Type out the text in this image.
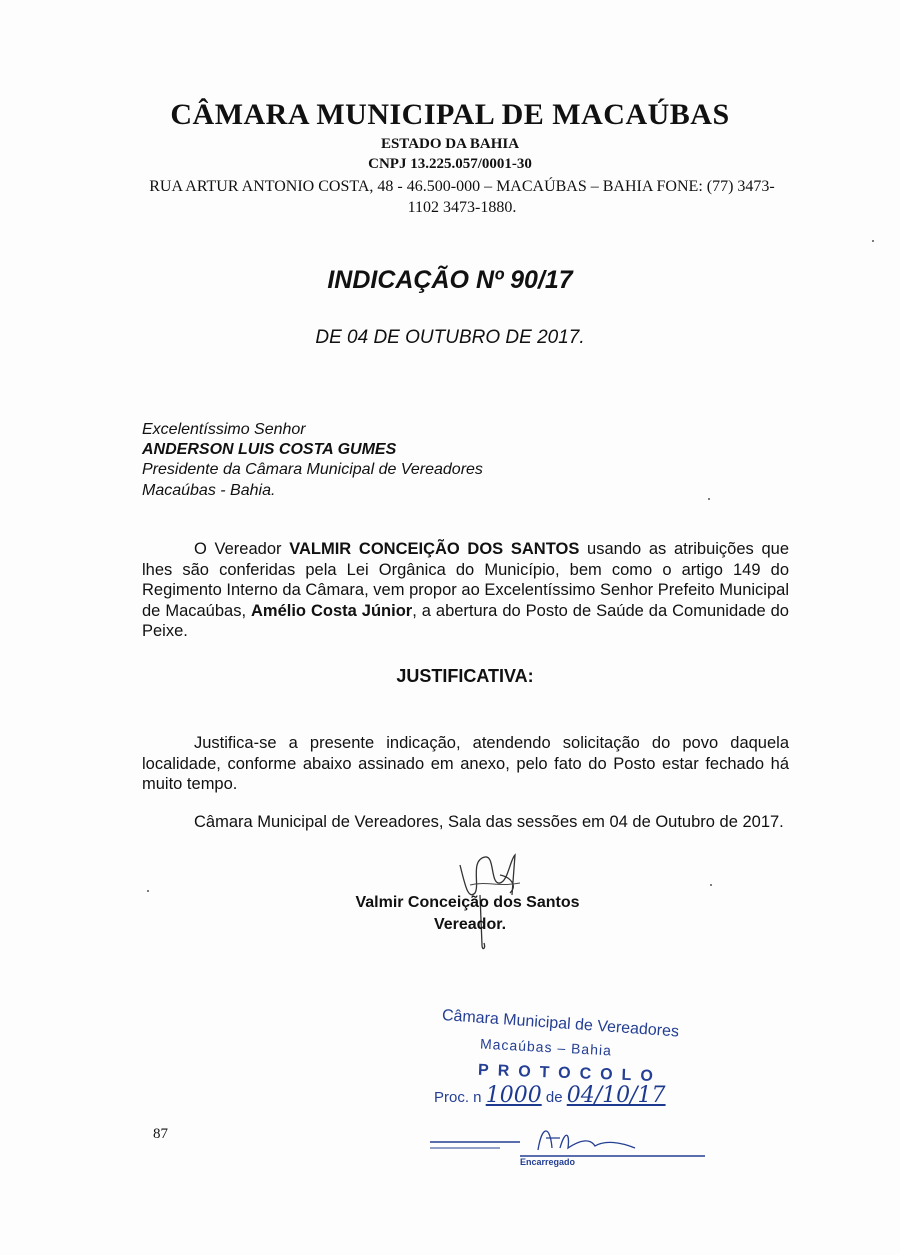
CÂMARA MUNICIPAL DE MACAÚBAS
ESTADO DA BAHIA
CNPJ 13.225.057/0001-30
RUA ARTUR ANTONIO COSTA, 48 - 46.500-000 – MACAÚBAS – BAHIA FONE: (77) 3473-1102 3473-1880.
INDICAÇÃO Nº 90/17
DE 04 DE OUTUBRO DE 2017.
Excelentíssimo Senhor
ANDERSON LUIS COSTA GUMES
Presidente da Câmara Municipal de Vereadores
Macaúbas - Bahia.
O Vereador VALMIR CONCEIÇÃO DOS SANTOS usando as atribuições que lhes são conferidas pela Lei Orgânica do Município, bem como o artigo 149 do Regimento Interno da Câmara, vem propor ao Excelentíssimo Senhor Prefeito Municipal de Macaúbas, Amélio Costa Júnior, a abertura do Posto de Saúde da Comunidade do Peixe.
JUSTIFICATIVA:
Justifica-se a presente indicação, atendendo solicitação do povo daquela localidade, conforme abaixo assinado em anexo, pelo fato do Posto estar fechado há muito tempo.
Câmara Municipal de Vereadores, Sala das sessões em 04 de Outubro de 2017.
Valmir Conceição dos Santos
Vereador.
Câmara Municipal de Vereadores
Macaúbas – Bahia
PROTOCOLO
Proc. n 1000 de 04/10/17
Encarregado
87
